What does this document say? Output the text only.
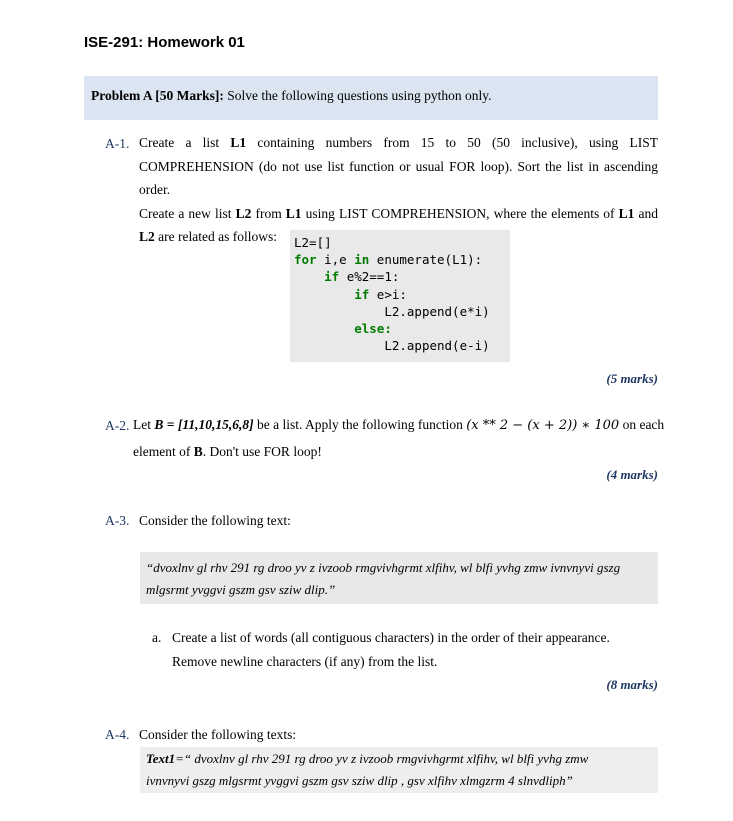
ISE-291: Homework 01
Problem A [50 Marks]: Solve the following questions using python only.
A-1. Create a list L1 containing numbers from 15 to 50 (50 inclusive), using LIST
COMPREHENSION (do not use list function or usual FOR loop). Sort the list in ascending order.
Create a new list L2 from L1 using LIST COMPREHENSION, where the elements of L1 and
L2 are related as follows:	L2=[]
for i,e in enumerate(L1):
if e%2==1:
if e>i:
L2.append(e*i)
else:
L2.append(e-i)
(5 marks)
A-2. Let B = [11,10,15,6,8] be a list. Apply the following function (x ** 2 − (x + 2)) ∗ 100 on each
element of B. Don't use FOR loop!
(4 marks)
A-3. Consider the following text:
“dvoxlnv gl rhv 291 rg droo yv z ivzoob rmgvivhgrmt xlfihv, wl blfi yvhg zmw ivnvnyvi gszg
mlgsrmt yvggvi gszm gsv sziw dlip.”
a. Create a list of words (all contiguous characters) in the order of their appearance.
Remove newline characters (if any) from the list.
(8 marks)
A-4. Consider the following texts:
Text1=“ dvoxlnv gl rhv 291 rg droo yv z ivzoob rmgvivhgrmt xlfihv, wl blfi yvhg zmw
ivnvnyvi gszg mlgsrmt yvggvi gszm gsv sziw dlip , gsv xlfihv xlmgzrm 4 slnvdliph”
